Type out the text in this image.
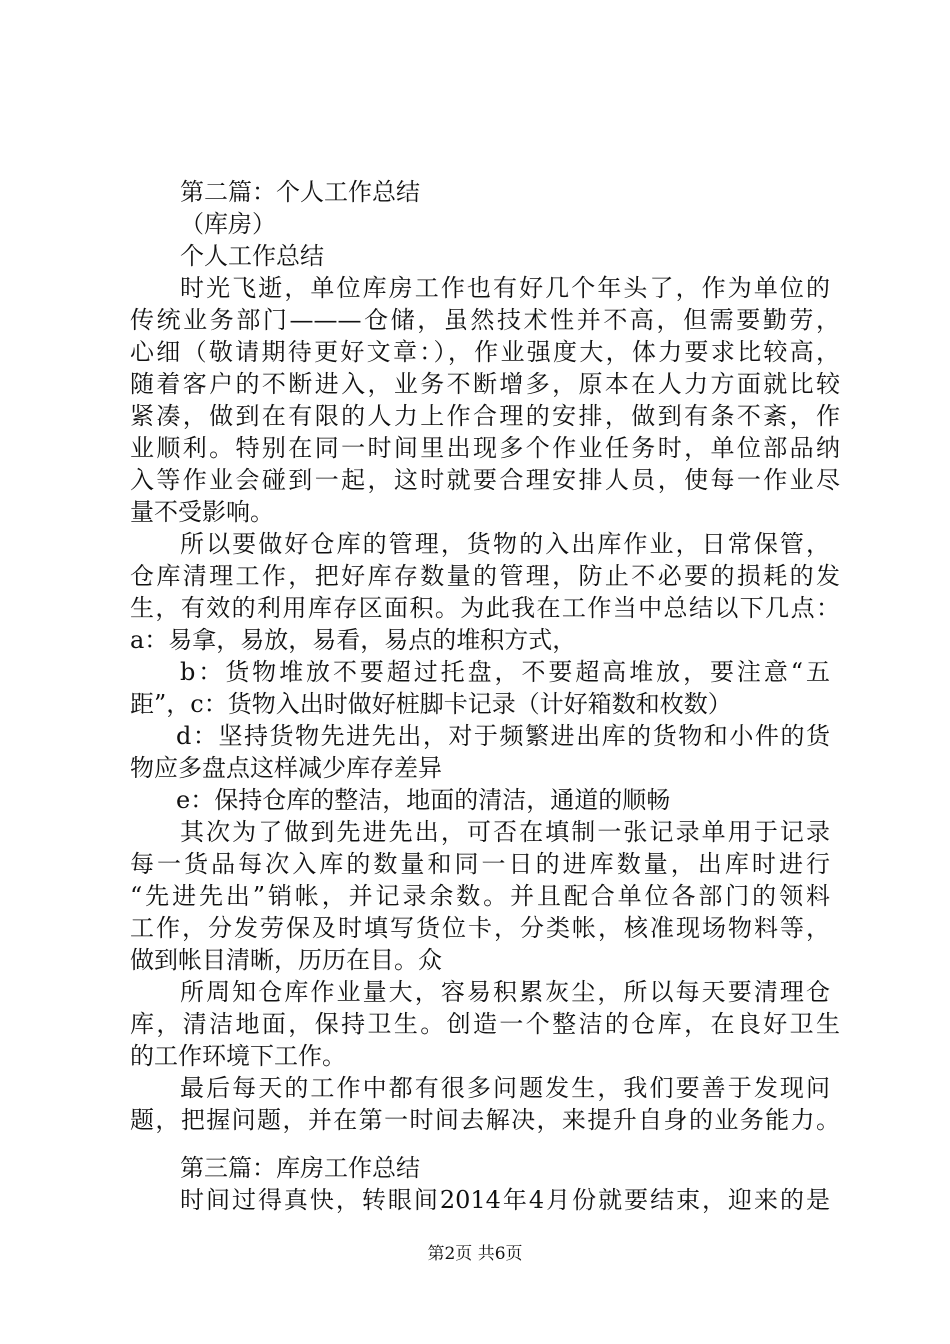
第二篇：个人工作总结
（库房）
个人工作总结
时光飞逝，单位库房工作也有好几个年头了，作为单位的
传统业务部门———仓储，虽然技术性并不高，但需要勤劳，
心细（敬请期待更好文章：），作业强度大，体力要求比较高，
随着客户的不断进入，业务不断增多，原本在人力方面就比较
紧凑，做到在有限的人力上作合理的安排，做到有条不紊，作
业顺利。特别在同一时间里出现多个作业任务时，单位部品纳
入等作业会碰到一起，这时就要合理安排人员，使每一作业尽
量不受影响。
所以要做好仓库的管理，货物的入出库作业，日常保管，
仓库清理工作，把好库存数量的管理，防止不必要的损耗的发
生，有效的利用库存区面积。为此我在工作当中总结以下几点：
a：易拿，易放，易看，易点的堆积方式，
b：货物堆放不要超过托盘，不要超高堆放，要注意“五
距”，c：货物入出时做好桩脚卡记录（计好箱数和枚数）
d：坚持货物先进先出，对于频繁进出库的货物和小件的货
物应多盘点这样减少库存差异
e：保持仓库的整洁，地面的清洁，通道的顺畅
其次为了做到先进先出，可否在填制一张记录单用于记录
每一货品每次入库的数量和同一日的进库数量，出库时进行
“先进先出”销帐，并记录余数。并且配合单位各部门的领料
工作，分发劳保及时填写货位卡，分类帐，核准现场物料等，
做到帐目清晰，历历在目。众
所周知仓库作业量大，容易积累灰尘，所以每天要清理仓
库，清洁地面，保持卫生。创造一个整洁的仓库，在良好卫生
的工作环境下工作。
最后每天的工作中都有很多问题发生，我们要善于发现问
题，把握问题，并在第一时间去解决，来提升自身的业务能力。
第三篇：库房工作总结
时间过得真快，转眼间2014年4月份就要结束，迎来的是
第2页 共6页
